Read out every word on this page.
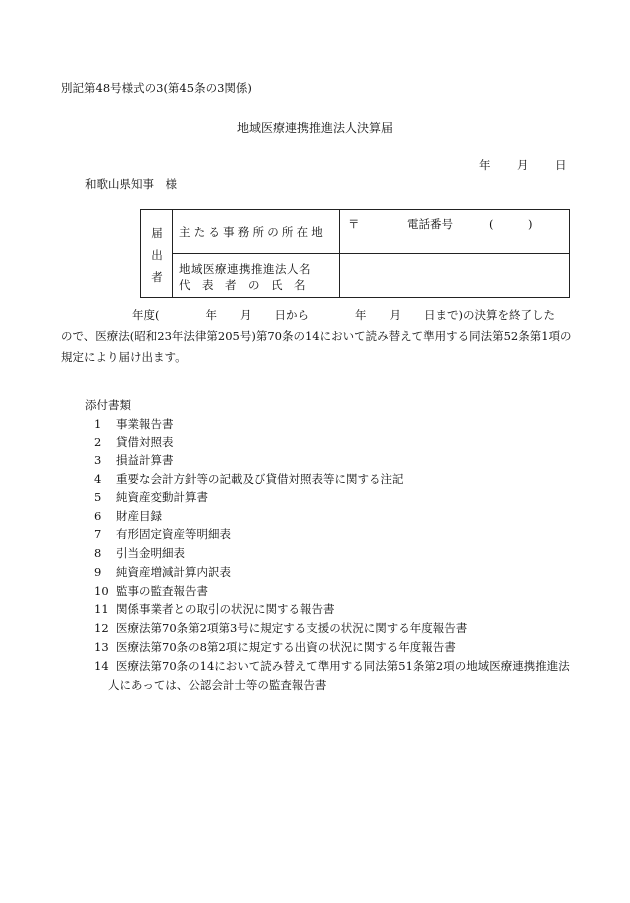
別記第48号様式の3(第45条の3関係)
地域医療連携推進法人決算届
年 月 日
和歌山県知事　様
届
出
者
主たる事務所の所在地
〒	電話番号	(　　　)
地域医療連携推進法人名
代　表　者　の　氏　名
年度(　　　　年　　月　　日から　　　　年　　月　　日まで)の決算を終了した
ので、医療法(昭和23年法律第205号)第70条の14において読み替えて準用する同法第52条第1項の
規定により届け出ます。
添付書類
1 事業報告書
2 貸借対照表
3 損益計算書
4 重要な会計方針等の記載及び貸借対照表等に関する注記
5 純資産変動計算書
6 財産目録
7 有形固定資産等明細表
8 引当金明細表
9 純資産増減計算内訳表
10 監事の監査報告書
11 関係事業者との取引の状況に関する報告書
12 医療法第70条第2項第3号に規定する支援の状況に関する年度報告書
13 医療法第70条の8第2項に規定する出資の状況に関する年度報告書
14 医療法第70条の14において読み替えて準用する同法第51条第2項の地域医療連携推進法
人にあっては、公認会計士等の監査報告書
